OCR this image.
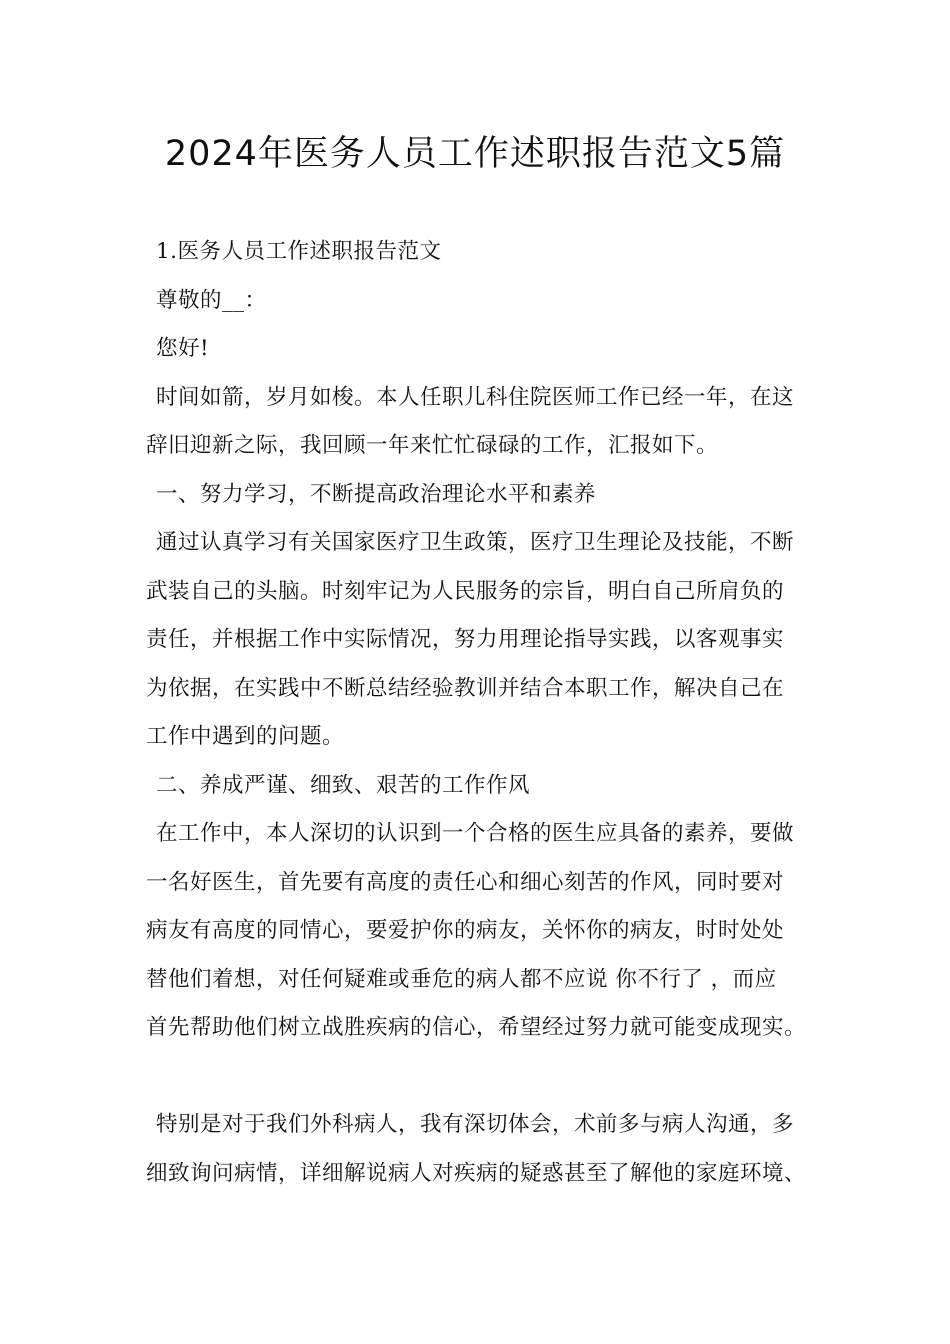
2024年医务人员工作述职报告范文5篇
1.医务人员工作述职报告范文
尊敬的__：
您好!
时间如箭，岁月如梭。本人任职儿科住院医师工作已经一年，在这
辞旧迎新之际，我回顾一年来忙忙碌碌的工作，汇报如下。
一、努力学习，不断提高政治理论水平和素养
通过认真学习有关国家医疗卫生政策，医疗卫生理论及技能，不断
武装自己的头脑。时刻牢记为人民服务的宗旨，明白自己所肩负的
责任，并根据工作中实际情况，努力用理论指导实践，以客观事实
为依据，在实践中不断总结经验教训并结合本职工作，解决自己在
工作中遇到的问题。
二、养成严谨、细致、艰苦的工作作风
在工作中，本人深切的认识到一个合格的医生应具备的素养，要做
一名好医生，首先要有高度的责任心和细心刻苦的作风，同时要对
病友有高度的同情心，要爱护你的病友，关怀你的病友，时时处处
替他们着想，对任何疑难或垂危的病人都不应说 你不行了 ，而应
首先帮助他们树立战胜疾病的信心，希望经过努力就可能变成现实。
特别是对于我们外科病人，我有深切体会，术前多与病人沟通，多
细致询问病情，详细解说病人对疾病的疑惑甚至了解他的家庭环境、
